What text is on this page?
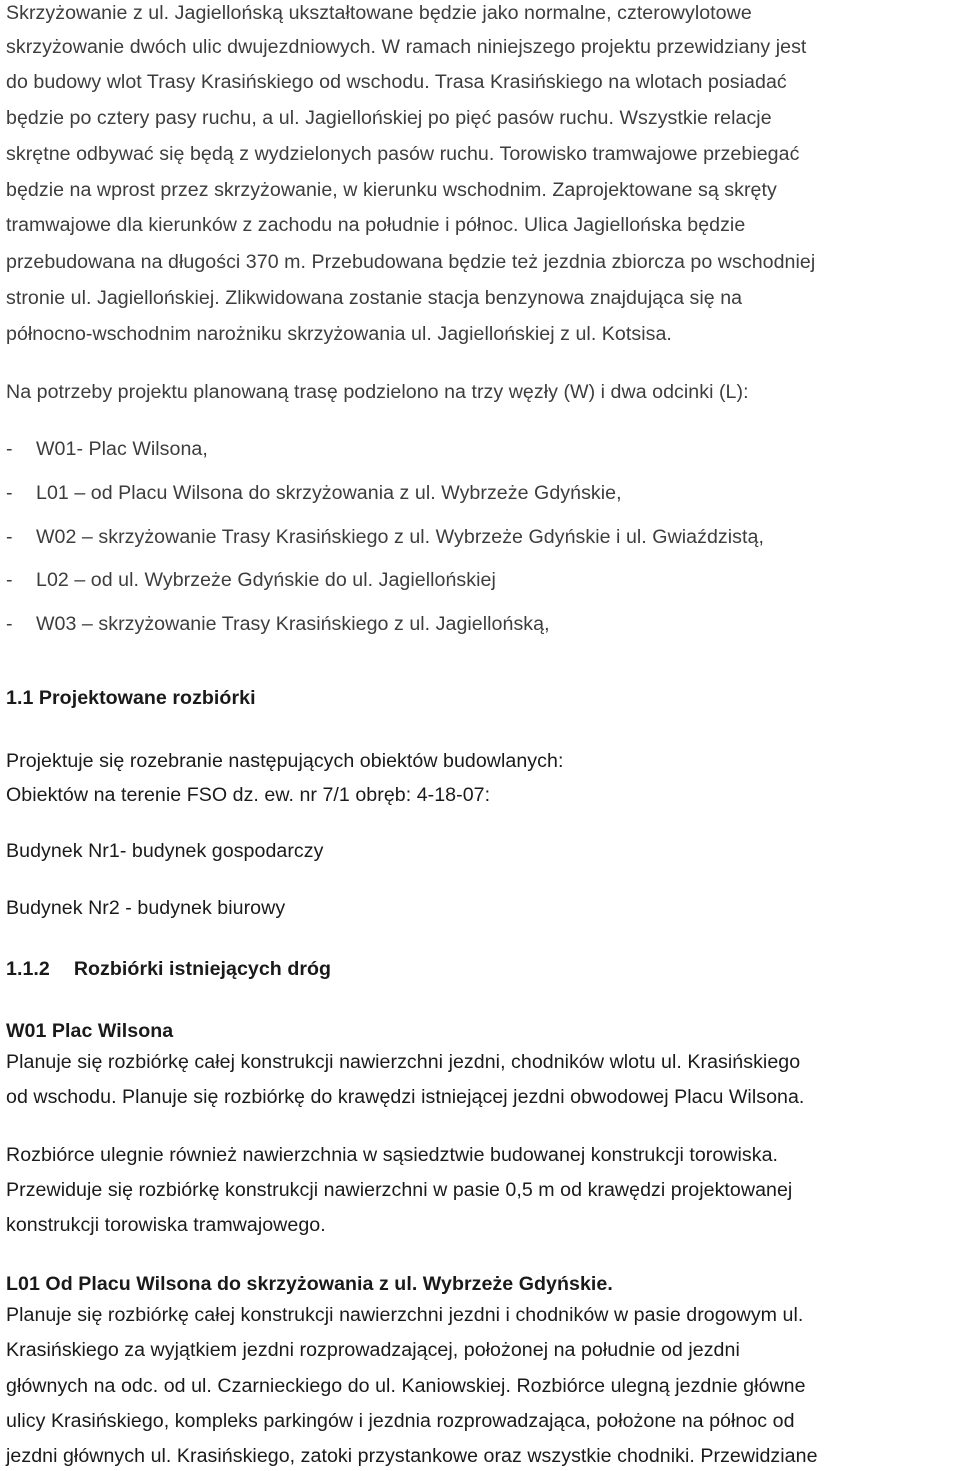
Skrzyżowanie z ul. Jagiellońską ukształtowane będzie jako normalne, czterowylotowe
skrzyżowanie dwóch ulic dwujezdniowych. W ramach niniejszego projektu przewidziany jest
do budowy wlot Trasy Krasińskiego od wschodu. Trasa Krasińskiego na wlotach posiadać
będzie po cztery pasy ruchu, a ul. Jagiellońskiej po pięć pasów ruchu. Wszystkie relacje
skrętne odbywać się będą z wydzielonych pasów ruchu. Torowisko tramwajowe przebiegać
będzie na wprost przez skrzyżowanie, w kierunku wschodnim. Zaprojektowane są skręty
tramwajowe dla kierunków z zachodu na południe i północ. Ulica Jagiellońska będzie
przebudowana na długości 370 m. Przebudowana będzie też jezdnia zbiorcza po wschodniej
stronie ul. Jagiellońskiej. Zlikwidowana zostanie stacja benzynowa znajdująca się na
północno-wschodnim narożniku skrzyżowania ul. Jagiellońskiej z ul. Kotsisa.
Na potrzeby projektu planowaną trasę podzielono na trzy węzły (W) i dwa odcinki (L):
- W01- Plac Wilsona,
- L01 – od Placu Wilsona do skrzyżowania z ul. Wybrzeże Gdyńskie,
- W02 – skrzyżowanie Trasy Krasińskiego z ul. Wybrzeże Gdyńskie i ul. Gwiaździstą,
- L02 – od ul. Wybrzeże Gdyńskie do ul. Jagiellońskiej
- W03 – skrzyżowanie Trasy Krasińskiego z ul. Jagiellońską,
1.1 Projektowane rozbiórki
Projektuje się rozebranie następujących obiektów budowlanych:
Obiektów na terenie FSO dz. ew. nr 7/1 obręb: 4-18-07:
Budynek Nr1- budynek gospodarczy
Budynek Nr2 - budynek biurowy
1.1.2 Rozbiórki istniejących dróg
W01 Plac Wilsona
Planuje się rozbiórkę całej konstrukcji nawierzchni jezdni, chodników wlotu ul. Krasińskiego
od wschodu. Planuje się rozbiórkę do krawędzi istniejącej jezdni obwodowej Placu Wilsona.
Rozbiórce ulegnie również nawierzchnia w sąsiedztwie budowanej konstrukcji torowiska.
Przewiduje się rozbiórkę konstrukcji nawierzchni w pasie 0,5 m od krawędzi projektowanej
konstrukcji torowiska tramwajowego.
L01 Od Placu Wilsona do skrzyżowania z ul. Wybrzeże Gdyńskie.
Planuje się rozbiórkę całej konstrukcji nawierzchni jezdni i chodników w pasie drogowym ul.
Krasińskiego za wyjątkiem jezdni rozprowadzającej, położonej na południe od jezdni
głównych na odc. od ul. Czarnieckiego do ul. Kaniowskiej. Rozbiórce ulegną jezdnie główne
ulicy Krasińskiego, kompleks parkingów i jezdnia rozprowadzająca, położone na północ od
jezdni głównych ul. Krasińskiego, zatoki przystankowe oraz wszystkie chodniki. Przewidziane
